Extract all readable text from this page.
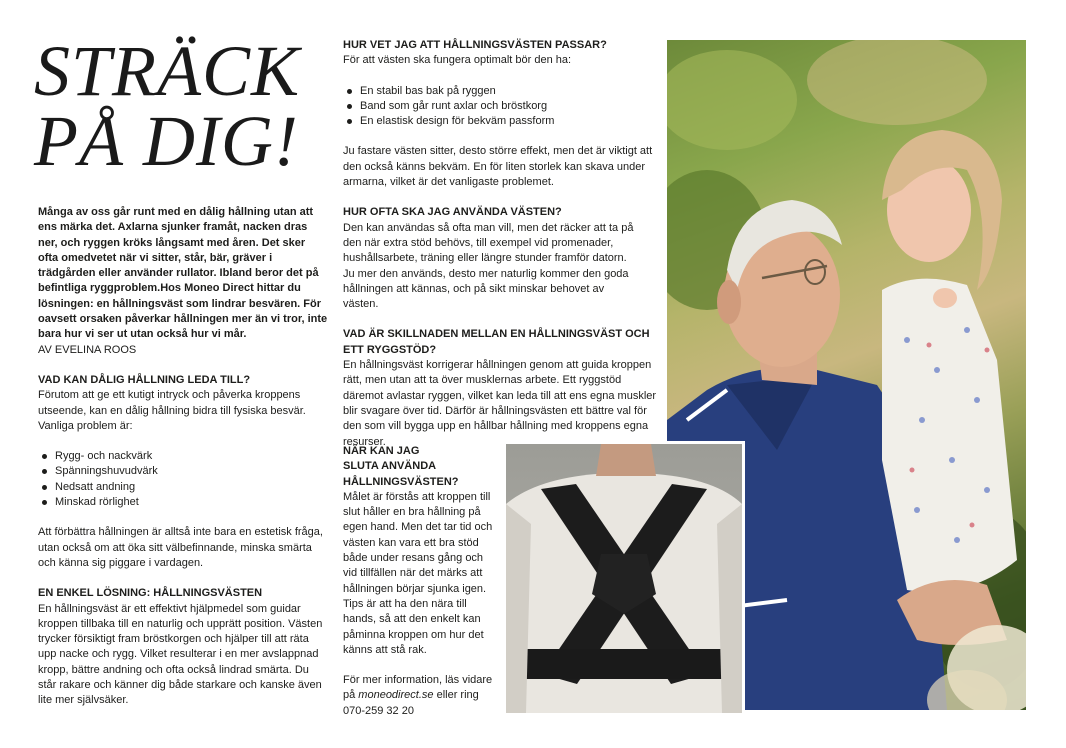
STRÄCK
PÅ DIG!

Många av oss går runt med en dålig hållning utan att ens märka det. Axlarna sjunker framåt, nacken dras ner, och ryggen kröks långsamt med åren. Det sker ofta omedvetet när vi sitter, står, bär, gräver i trädgården eller använder rullator. Ibland beror det på befintliga ryggproblem.Hos Moneo Direct hittar du lösningen: en hållningsväst som lindrar besvären. För oavsett orsaken påverkar hållningen mer än vi tror, inte bara hur vi ser ut utan också hur vi mår.

AV EVELINA ROOS

VAD KAN DÅLIG HÅLLNING LEDA TILL?

Förutom att ge ett kutigt intryck och påverka kroppens utseende, kan en dålig hållning bidra till fysiska besvär. Vanliga problem är:

Rygg- och nackvärk
Spänningshuvudvärk
Nedsatt andning
Minskad rörlighet

Att förbättra hållningen är alltså inte bara en estetisk fråga, utan också om att öka sitt välbefinnande, minska smärta och känna sig piggare i vardagen.

EN ENKEL LÖSNING: HÅLLNINGSVÄSTEN

En hållningsväst är ett effektivt hjälpmedel som guidar kroppen tillbaka till en naturlig och upprätt position. Västen trycker försiktigt fram bröstkorgen och hjälper till att räta upp nacke och rygg. Vilket resulterar i en mer avslappnad kropp, bättre andning och ofta också lindrad smärta. Du står rakare och känner dig både starkare och kanske även lite mer självsäker.

HUR VET JAG ATT HÅLLNINGSVÄSTEN PASSAR?

För att västen ska fungera optimalt bör den ha:

En stabil bas bak på ryggen
Band som går runt axlar och bröstkorg
En elastisk design för bekväm passform

Ju fastare västen sitter, desto större effekt, men det är viktigt att den också känns bekväm. En för liten storlek kan skava under armarna, vilket är det vanligaste problemet.

HUR OFTA SKA JAG ANVÄNDA VÄSTEN?

Den kan användas så ofta man vill, men det räcker att ta på den när extra stöd behövs, till exempel vid promenader, hushållsarbete, träning eller längre stunder framför datorn. Ju mer den används, desto mer naturlig kommer den goda hållningen att kännas, och på sikt minskar behovet av västen.

VAD ÄR SKILLNADEN MELLAN EN HÅLLNINGSVÄST OCH ETT RYGGSTÖD?

En hållningsväst korrigerar hållningen genom att guida kroppen rätt, men utan att ta över musklernas arbete. Ett ryggstöd däremot avlastar ryggen, vilket kan leda till att ens egna muskler blir svagare över tid. Därför är hållningsvästen ett bättre val för den som vill bygga upp en hållbar hållning med kroppens egna resurser.

NÄR KAN JAG

SLUTA ANVÄNDA

HÅLLNINGSVÄSTEN?

Målet är förstås att kroppen till slut håller en bra hållning på egen hand. Men det tar tid och västen kan vara ett bra stöd både under resans gång och vid tillfällen när det märks att hållningen börjar sjunka igen. Tips är att ha den nära till hands, så att den enkelt kan påminna kroppen om hur det känns att stå rak.

För mer information, läs vidare på moneodirect.se eller ring 070-259 32 20
